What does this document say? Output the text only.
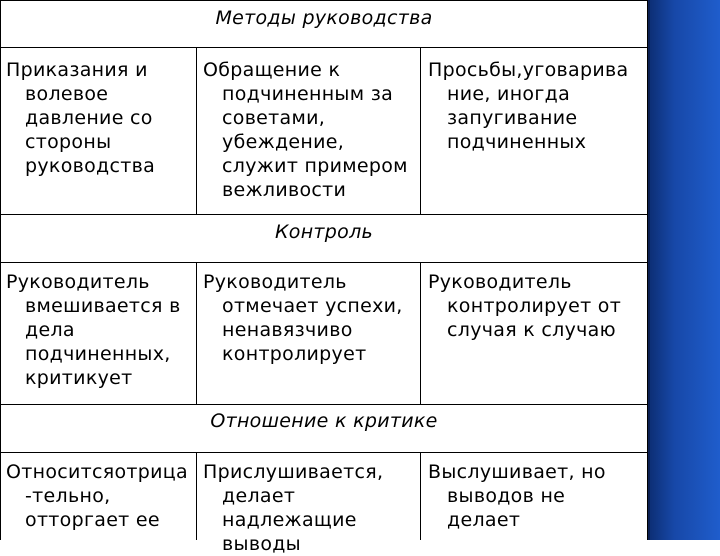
Методы руководства

Приказания и
волевое
давление со
стороны
руководства

Обращение к
подчиненным за
советами,
убеждение,
служит примером
вежливости

Просьбы,уговарива
ние, иногда
запугивание
подчиненных

Контроль

Руководитель
вмешивается в
дела
подчиненных,
критикует

Руководитель
отмечает успехи,
ненавязчиво
контролирует

Руководитель
контролирует от
случая к случаю

Отношение к критике

Относитсяотрица
-тельно,
отторгает ее

Прислушивается,
делает
надлежащие
выводы

Выслушивает, но
выводов не
делает
